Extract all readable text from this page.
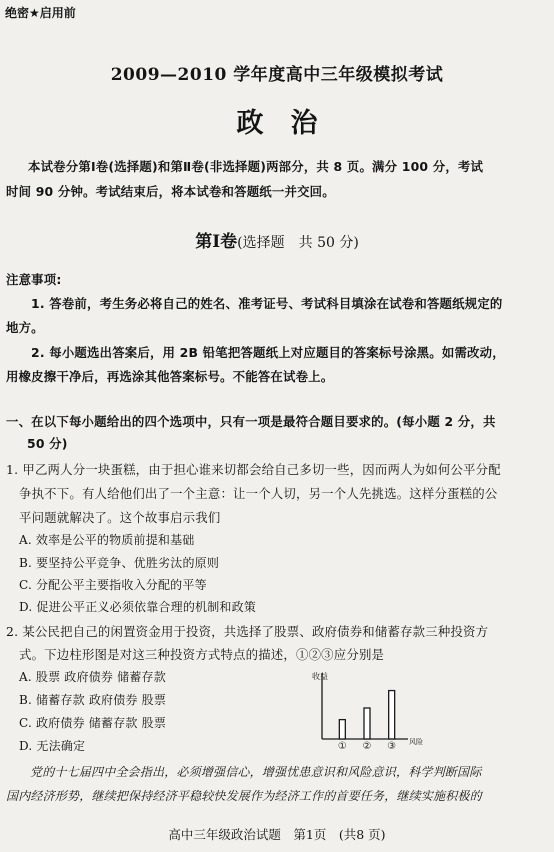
绝密★启用前
2009—2010 学年度高中三年级模拟考试
政　治
本试卷分第Ⅰ卷(选择题)和第Ⅱ卷(非选择题)两部分，共 8 页。满分 100 分，考试
时间 90 分钟。考试结束后，将本试卷和答题纸一并交回。
第Ⅰ卷(选择题　共 50 分)
注意事项:
1. 答卷前，考生务必将自己的姓名、准考证号、考试科目填涂在试卷和答题纸规定的
地方。
2. 每小题选出答案后，用 2B 铅笔把答题纸上对应题目的答案标号涂黑。如需改动，
用橡皮擦干净后，再选涂其他答案标号。不能答在试卷上。
一、在以下每小题给出的四个选项中，只有一项是最符合题目要求的。(每小题 2 分，共
50 分)
1. 甲乙两人分一块蛋糕，由于担心谁来切都会给自己多切一些，因而两人为如何公平分配
争执不下。有人给他们出了一个主意：让一个人切，另一个人先挑选。这样分蛋糕的公
平问题就解决了。这个故事启示我们
A. 效率是公平的物质前提和基础
B. 要坚持公平竞争、优胜劣汰的原则
C. 分配公平主要指收入分配的平等
D. 促进公平正义必须依靠合理的机制和政策
2. 某公民把自己的闲置资金用于投资，共选择了股票、政府债券和储蓄存款三种投资方
式。下边柱形图是对这三种投资方式特点的描述，①②③应分别是
A. 股票 政府债券 储蓄存款
B. 储蓄存款 政府债券 股票
C. 政府债券 储蓄存款 股票
D. 无法确定
收益
风险
① ② ③
党的十七届四中全会指出，必须增强信心，增强忧患意识和风险意识，科学判断国际
国内经济形势，继续把保持经济平稳较快发展作为经济工作的首要任务，继续实施积极的
高中三年级政治试题　第1页　(共8 页)
